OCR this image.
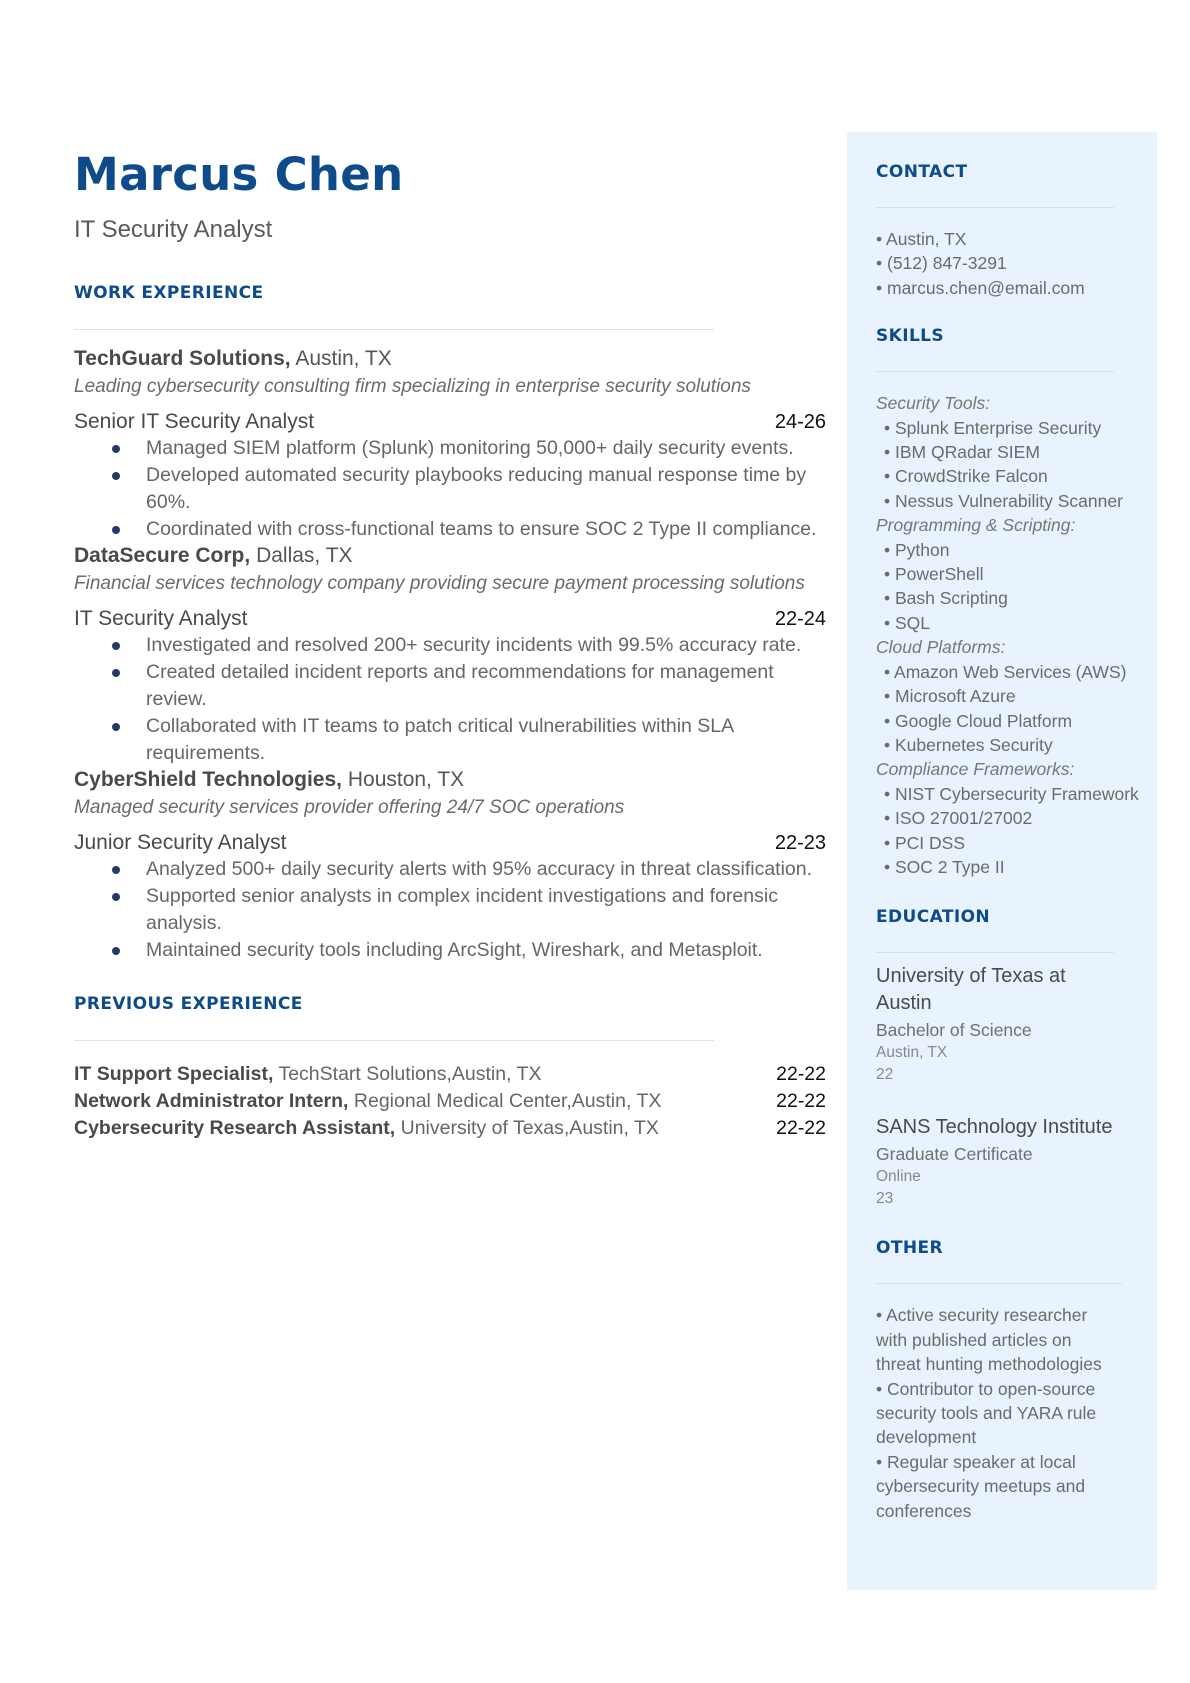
Marcus Chen
IT Security Analyst
WORK EXPERIENCE
TechGuard Solutions, Austin, TX
Leading cybersecurity consulting firm specializing in enterprise security solutions
Senior IT Security Analyst	24-26
Managed SIEM platform (Splunk) monitoring 50,000+ daily security events.
Developed automated security playbooks reducing manual response time by 60%.
Coordinated with cross-functional teams to ensure SOC 2 Type II compliance.
DataSecure Corp, Dallas, TX
Financial services technology company providing secure payment processing solutions
IT Security Analyst	22-24
Investigated and resolved 200+ security incidents with 99.5% accuracy rate.
Created detailed incident reports and recommendations for management review.
Collaborated with IT teams to patch critical vulnerabilities within SLA requirements.
CyberShield Technologies, Houston, TX
Managed security services provider offering 24/7 SOC operations
Junior Security Analyst	22-23
Analyzed 500+ daily security alerts with 95% accuracy in threat classification.
Supported senior analysts in complex incident investigations and forensic analysis.
Maintained security tools including ArcSight, Wireshark, and Metasploit.
PREVIOUS EXPERIENCE
IT Support Specialist, TechStart Solutions,Austin, TX	22-22
Network Administrator Intern, Regional Medical Center,Austin, TX	22-22
Cybersecurity Research Assistant, University of Texas,Austin, TX	22-22
CONTACT
• Austin, TX
• (512) 847-3291
• marcus.chen@email.com
SKILLS
Security Tools:
• Splunk Enterprise Security
• IBM QRadar SIEM
• CrowdStrike Falcon
• Nessus Vulnerability Scanner
Programming & Scripting:
• Python
• PowerShell
• Bash Scripting
• SQL
Cloud Platforms:
• Amazon Web Services (AWS)
• Microsoft Azure
• Google Cloud Platform
• Kubernetes Security
Compliance Frameworks:
• NIST Cybersecurity Framework
• ISO 27001/27002
• PCI DSS
• SOC 2 Type II
EDUCATION
University of Texas at Austin
Bachelor of Science
Austin, TX
22
SANS Technology Institute
Graduate Certificate
Online
23
OTHER
• Active security researcher with published articles on threat hunting methodologies
• Contributor to open-source security tools and YARA rule development
• Regular speaker at local cybersecurity meetups and conferences
